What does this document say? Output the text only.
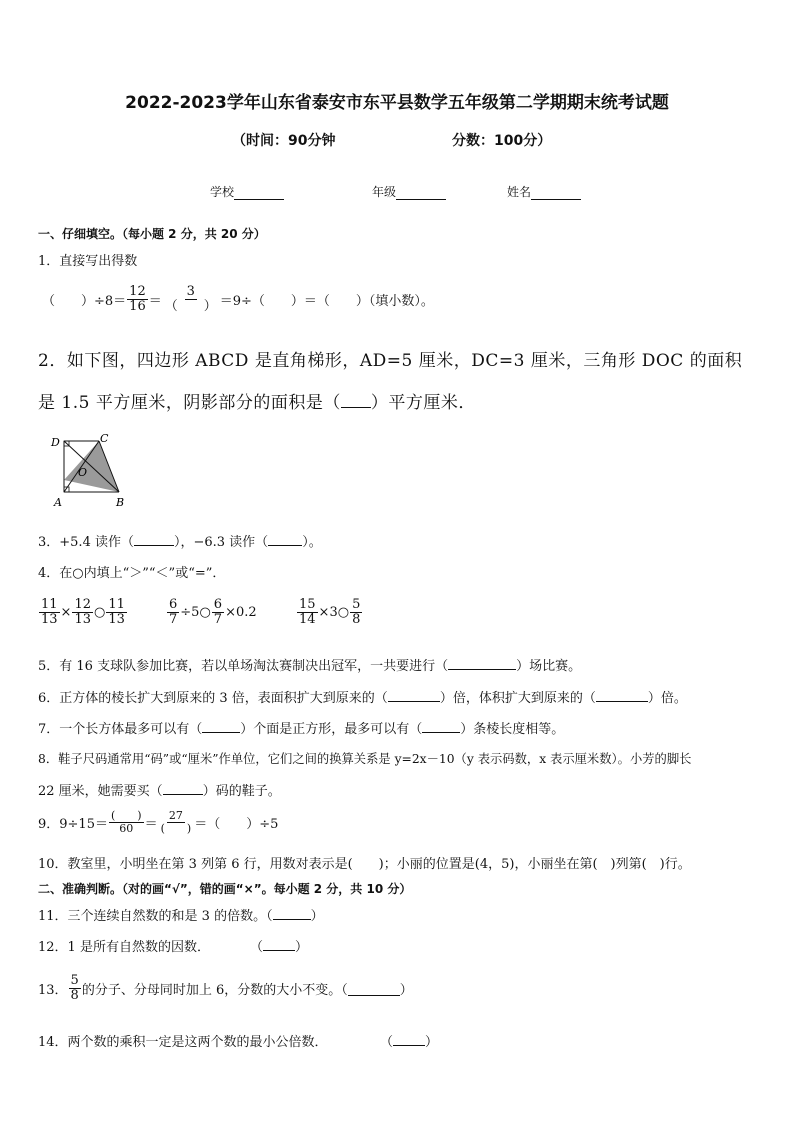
2022-2023学年山东省泰安市东平县数学五年级第二学期期末统考试题
（时间：90分钟	分数：100分）
学校	年级	姓名
一、仔细填空。（每小题 2 分，共 20 分）
1．直接写出得数
（　　）$\div 8= \frac{12}{16} = \frac{3}{( )} =9\div$（　　）＝（　　）（填小数）。
2．如下图，四边形 ABCD 是直角梯形，AD=5 厘米，DC=3 厘米，三角形 DOC 的面积
是 1.5 平方厘米，阴影部分的面积是（ ）平方厘米．
D	C
O
A	B
3．+5.4 读作（	），−6.3 读作（	）。
4．在○内填上“＞”“＜”或“=”．
$\frac{11}{13} \times \frac{12}{13}$ ○ $\frac{11}{13}$	$\frac{6}{7}$ ÷5○ $\frac{6}{7} \times 0.2$	$\frac{15}{14}$ ×3○ $\frac{5}{8}$
5．有 16 支球队参加比赛，若以单场淘汰赛制决出冠军，一共要进行（	）场比赛。
6．正方体的棱长扩大到原来的 3 倍，表面积扩大到原来的（	）倍，体积扩大到原来的（	）倍。
7．一个长方体最多可以有（	）个面是正方形，最多可以有（	）条棱长度相等。
8．鞋子尺码通常用“码”或“厘米”作单位，它们之间的换算关系是 y=2x－10（y 表示码数，x 表示厘米数）。小芳的脚长
22 厘米，她需要买（	）码的鞋子。
9．$9\div 15= \frac{( )}{60} = \frac{27}{( )}$ ＝（　　）÷5
10．教室里，小明坐在第 3 列第 6 行，用数对表示是(　　)；小丽的位置是(4，5)，小丽坐在第(　)列第(　)行。
二、准确判断。（对的画“√”，错的画“×”。每小题 2 分，共 10 分）
11．三个连续自然数的和是 3 的倍数。（	）
12．1 是所有自然数的因数．	（ ）
13． $\frac{5}{8}$ 的分子、分母同时加上 6，分数的大小不变。（	）
14．两个数的乘积一定是这两个数的最小公倍数．	（ ）
